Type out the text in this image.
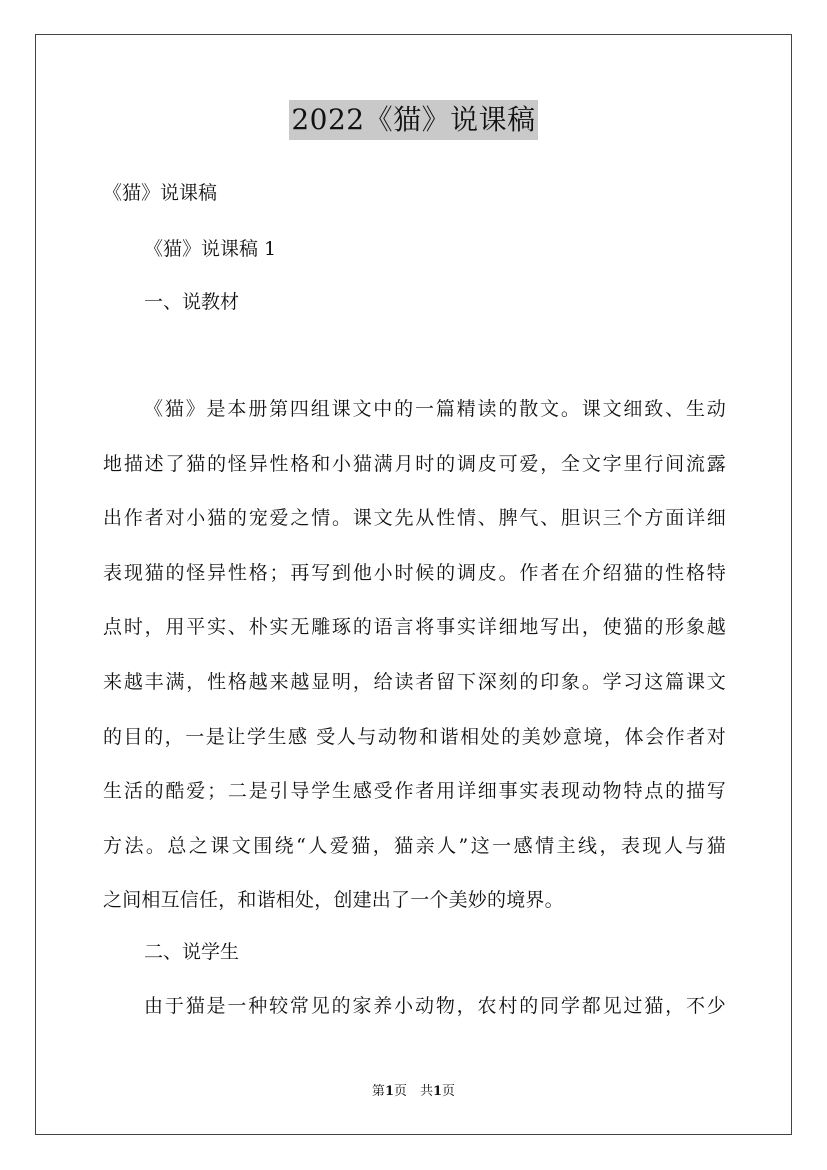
2022《猫》说课稿
《猫》说课稿
《猫》说课稿 1
一、说教材
《猫》是本册第四组课文中的一篇精读的散文。课文细致、生动
地描述了猫的怪异性格和小猫满月时的调皮可爱，全文字里行间流露
出作者对小猫的宠爱之情。课文先从性情、脾气、胆识三个方面详细
表现猫的怪异性格；再写到他小时候的调皮。作者在介绍猫的性格特
点时，用平实、朴实无雕琢的语言将事实详细地写出，使猫的形象越
来越丰满，性格越来越显明，给读者留下深刻的印象。学习这篇课文
的目的，一是让学生感 受人与动物和谐相处的美妙意境，体会作者对
生活的酷爱；二是引导学生感受作者用详细事实表现动物特点的描写
方法。总之课文围绕“人爱猫，猫亲人”这一感情主线，表现人与猫
之间相互信任，和谐相处，创建出了一个美妙的境界。
二、说学生
由于猫是一种较常见的家养小动物，农村的同学都见过猫，不少
第1页　共1页
